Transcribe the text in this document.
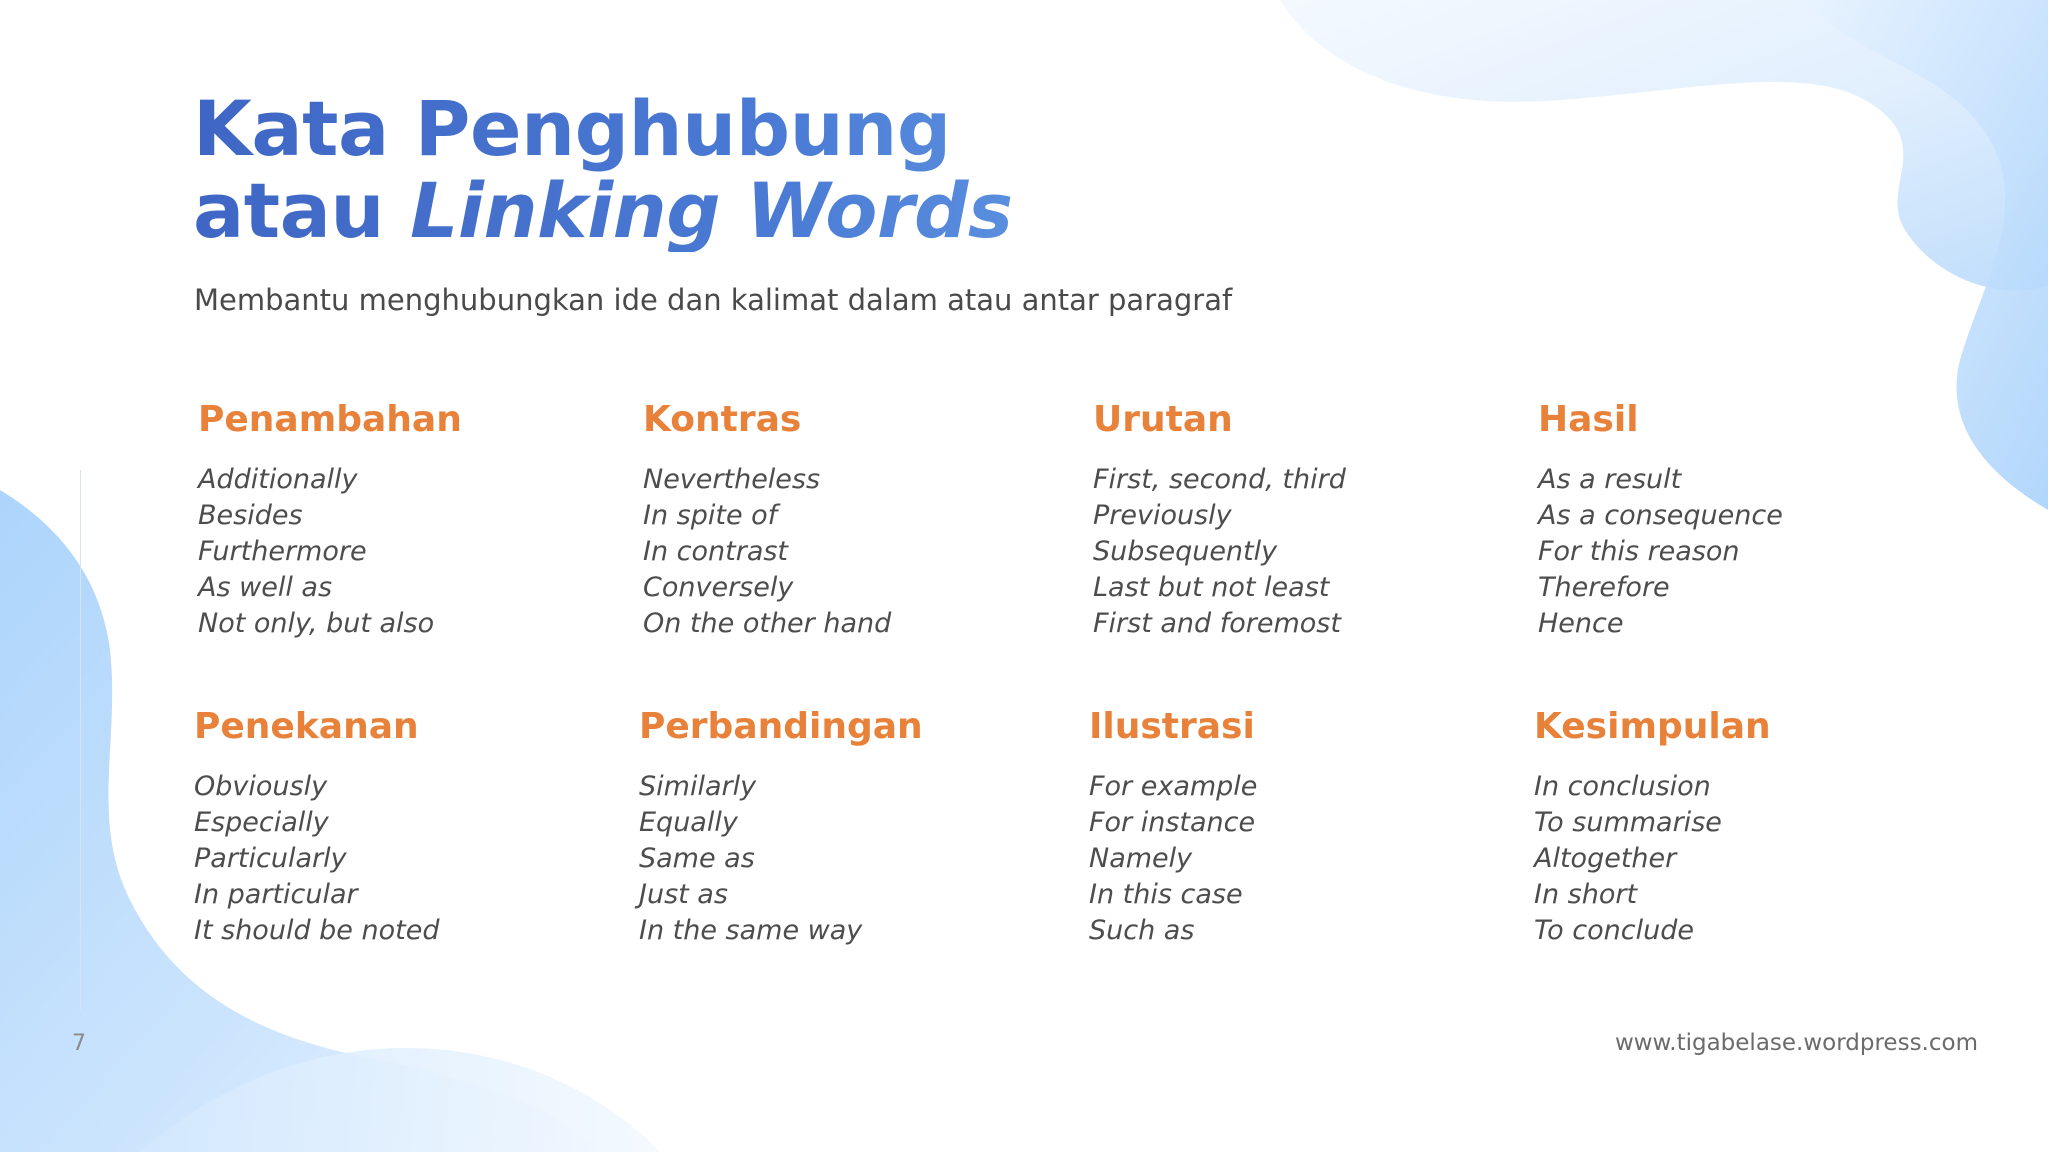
Kata Penghubung
atau Linking Words
Membantu menghubungkan ide dan kalimat dalam atau antar paragraf
Penambahan
Additionally
Besides
Furthermore
As well as
Not only, but also
Kontras
Nevertheless
In spite of
In contrast
Conversely
On the other hand
Urutan
First, second, third
Previously
Subsequently
Last but not least
First and foremost
Hasil
As a result
As a consequence
For this reason
Therefore
Hence
Penekanan
Obviously
Especially
Particularly
In particular
It should be noted
Perbandingan
Similarly
Equally
Same as
Just as
In the same way
Ilustrasi
For example
For instance
Namely
In this case
Such as
Kesimpulan
In conclusion
To summarise
Altogether
In short
To conclude
7	www.tigabelase.wordpress.com
